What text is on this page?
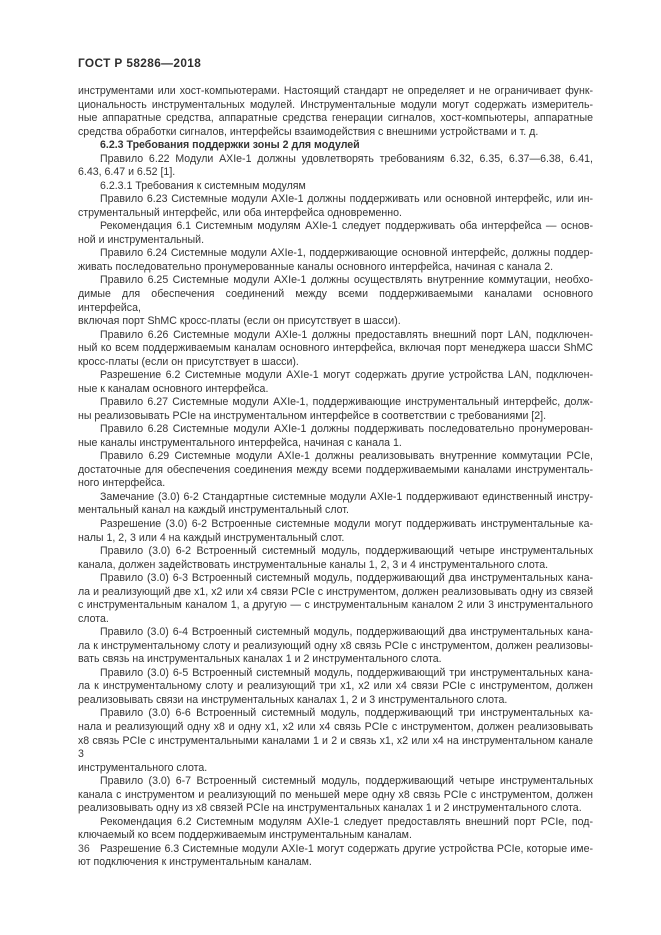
ГОСТ Р 58286—2018
инструментами или хост-компьютерами. Настоящий стандарт не определяет и не ограничивает функ-
циональность инструментальных модулей. Инструментальные модули могут содержать измеритель-
ные аппаратные средства, аппаратные средства генерации сигналов, хост-компьютеры, аппаратные
средства обработки сигналов, интерфейсы взаимодействия с внешними устройствами и т. д.
6.2.3 Требования поддержки зоны 2 для модулей
Правило 6.22 Модули AXIe-1 должны удовлетворять требованиям 6.32, 6.35, 6.37—6.38, 6.41,
6.43, 6.47 и 6.52 [1].
6.2.3.1 Требования к системным модулям
Правило 6.23 Системные модули AXIe-1 должны поддерживать или основной интерфейс, или ин-
струментальный интерфейс, или оба интерфейса одновременно.
Рекомендация 6.1 Системным модулям AXIe-1 следует поддерживать оба интерфейса — основ-
ной и инструментальный.
Правило 6.24 Системные модули AXIe-1, поддерживающие основной интерфейс, должны поддер-
живать последовательно пронумерованные каналы основного интерфейса, начиная с канала 2.
Правило 6.25 Системные модули AXIe-1 должны осуществлять внутренние коммутации, необхо-
димые для обеспечения соединений между всеми поддерживаемыми каналами основного интерфейса,
включая порт ShMC кросс-платы (если он присутствует в шасси).
Правило 6.26 Системные модули AXIe-1 должны предоставлять внешний порт LAN, подключен-
ный ко всем поддерживаемым каналам основного интерфейса, включая порт менеджера шасси ShMC
кросс-платы (если он присутствует в шасси).
Разрешение 6.2 Системные модули AXIe-1 могут содержать другие устройства LAN, подключен-
ные к каналам основного интерфейса.
Правило 6.27 Системные модули AXIe-1, поддерживающие инструментальный интерфейс, долж-
ны реализовывать PCIe на инструментальном интерфейсе в соответствии с требованиями [2].
Правило 6.28 Системные модули AXIe-1 должны поддерживать последовательно пронумерован-
ные каналы инструментального интерфейса, начиная с канала 1.
Правило 6.29 Системные модули AXIe-1 должны реализовывать внутренние коммутации PCIe,
достаточные для обеспечения соединения между всеми поддерживаемыми каналами инструменталь-
ного интерфейса.
Замечание (3.0) 6-2 Стандартные системные модули AXIe-1 поддерживают единственный инстру-
ментальный канал на каждый инструментальный слот.
Разрешение (3.0) 6-2 Встроенные системные модули могут поддерживать инструментальные ка-
налы 1, 2, 3 или 4 на каждый инструментальный слот.
Правило (3.0) 6-2 Встроенный системный модуль, поддерживающий четыре инструментальных
канала, должен задействовать инструментальные каналы 1, 2, 3 и 4 инструментального слота.
Правило (3.0) 6-3 Встроенный системный модуль, поддерживающий два инструментальных кана-
ла и реализующий две x1, x2 или x4 связи PCIe с инструментом, должен реализовывать одну из связей
с инструментальным каналом 1, а другую — с инструментальным каналом 2 или 3 инструментального
слота.
Правило (3.0) 6-4 Встроенный системный модуль, поддерживающий два инструментальных кана-
ла к инструментальному слоту и реализующий одну x8 связь PCIe с инструментом, должен реализовы-
вать связь на инструментальных каналах 1 и 2 инструментального слота.
Правило (3.0) 6-5 Встроенный системный модуль, поддерживающий три инструментальных кана-
ла к инструментальному слоту и реализующий три x1, x2 или x4 связи PCIe с инструментом, должен
реализовывать связи на инструментальных каналах 1, 2 и 3 инструментального слота.
Правило (3.0) 6-6 Встроенный системный модуль, поддерживающий три инструментальных ка-
нала и реализующий одну x8 и одну x1, x2 или x4 связь PCIe с инструментом, должен реализовывать
x8 связь PCIe с инструментальными каналами 1 и 2 и связь x1, x2 или x4 на инструментальном канале 3
инструментального слота.
Правило (3.0) 6-7 Встроенный системный модуль, поддерживающий четыре инструментальных
канала с инструментом и реализующий по меньшей мере одну x8 связь PCIe с инструментом, должен
реализовывать одну из x8 связей PCIe на инструментальных каналах 1 и 2 инструментального слота.
Рекомендация 6.2 Системным модулям AXIe-1 следует предоставлять внешний порт PCIe, под-
ключаемый ко всем поддерживаемым инструментальным каналам.
Разрешение 6.3 Системные модули AXIe-1 могут содержать другие устройства PCIe, которые име-
ют подключения к инструментальным каналам.
36
